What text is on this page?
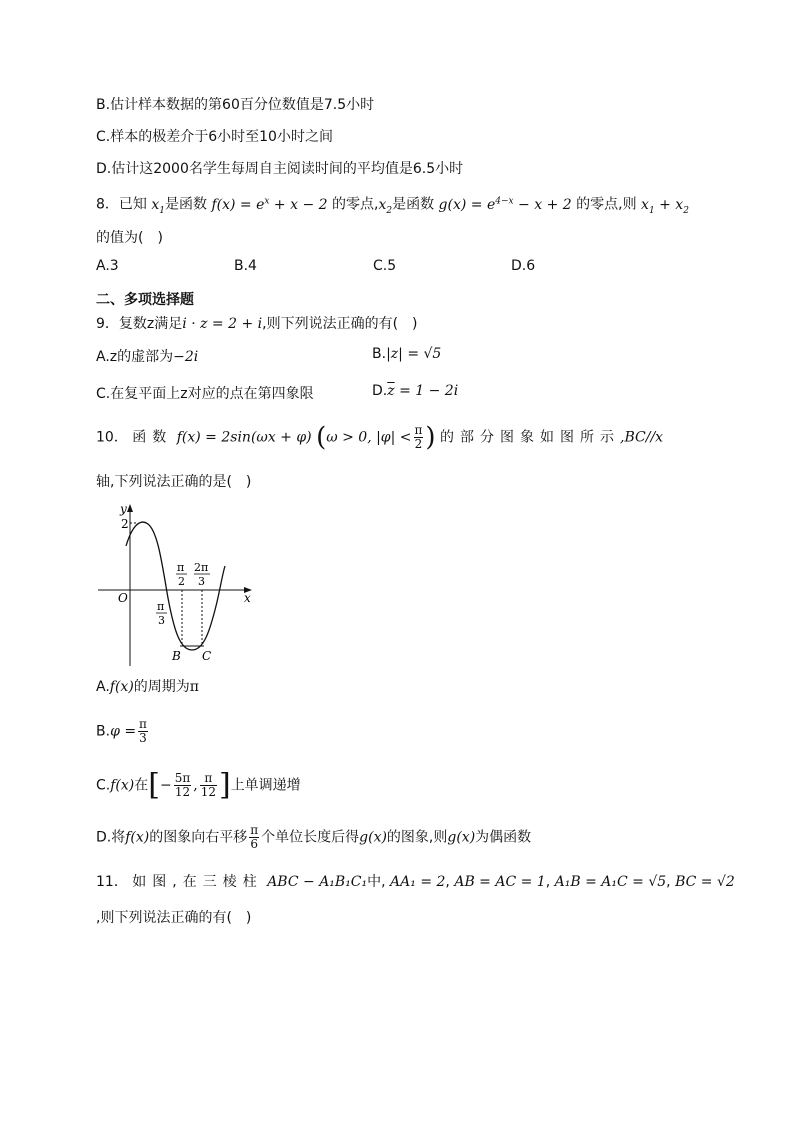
B.估计样本数据的第60百分位数值是7.5小时
C.样本的极差介于6小时至10小时之间
D.估计这2000名学生每周自主阅读时间的平均值是6.5小时
8．已知 $x_1$是函数 $f(x) = e^x + x - 2$ 的零点$,x_2$是函数 $g(x) = e^{4-x} - x + 2$ 的零点,则 $x_1 + x_2$
的值为(　)
A.3	B.4	C.5	D.6
二、多项选择题
9．复数z满足i · z = 2 + i,则下列说法正确的有(　)
A.z的虚部为−2i	B.|z| = √5
C.在复平面上z对应的点在第四象限	$D.\overline{z} = 1 - 2i$
10． 函数 f(x) = 2sin(ωx + φ) (ω > 0, $|\varphi| < \frac{\pi}{2}$ ) 的部分图象如图所示,BC//x
轴,下列说法正确的是(　)
y
x
O
2
π
3
π
2
2π
3
B C
A.f(x)的周期为π
$B.\varphi = \frac{\pi}{3}$
C.f(x)在[− $\frac{5\pi}{12}$ , $\frac{\pi}{12}$ ]上单调递增
D.将f(x)的图象向右平移 $\frac{\pi}{6}$ 个单位长度后得g(x)的图象,则g(x)为偶函数
11． 如图,在三棱柱 ABC − A₁B₁C₁中, AA₁ = 2, AB = AC = 1, A₁B = A₁C = √5, BC = √2
,则下列说法正确的有(　)
